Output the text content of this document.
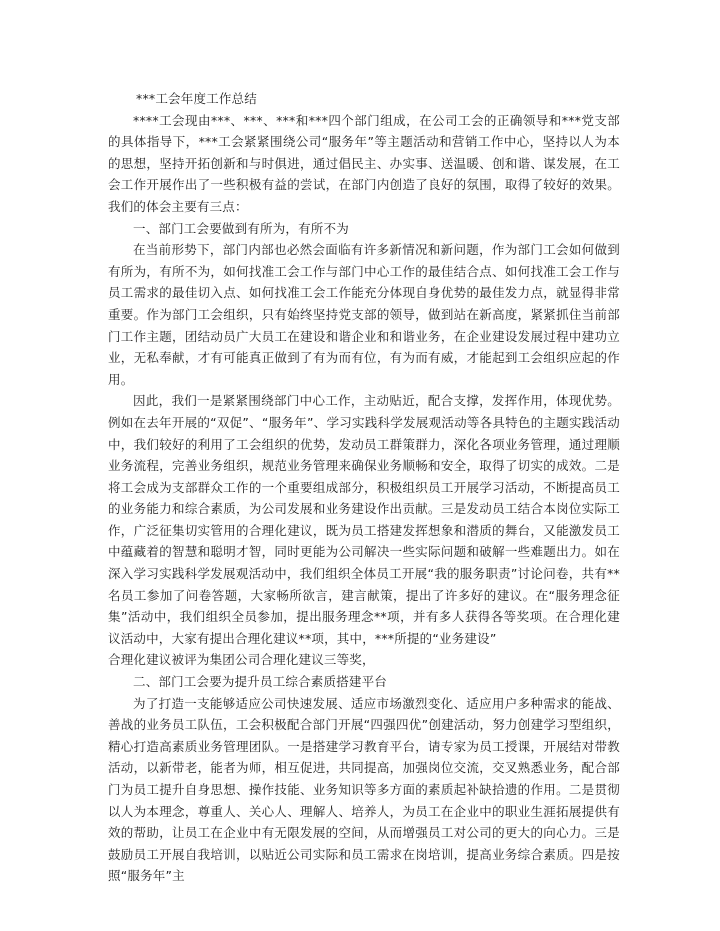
***工会年度工作总结

****工会现由***、***、***和***四个部门组成，在公司工会的正确领导和***党支部的具体指导下，***工会紧紧围绕公司“服务年”等主题活动和营销工作中心，坚持以人为本的思想，坚持开拓创新和与时俱进，通过倡民主、办实事、送温暖、创和谐、谋发展，在工会工作开展作出了一些积极有益的尝试，在部门内创造了良好的氛围，取得了较好的效果。我们的体会主要有三点：

一、部门工会要做到有所为，有所不为

在当前形势下，部门内部也必然会面临有许多新情况和新问题，作为部门工会如何做到有所为，有所不为，如何找准工会工作与部门中心工作的最佳结合点、如何找准工会工作与员工需求的最佳切入点、如何找准工会工作能充分体现自身优势的最佳发力点，就显得非常重要。作为部门工会组织，只有始终坚持党支部的领导，做到站在新高度，紧紧抓住当前部门工作主题，团结动员广大员工在建设和谐企业和和谐业务，在企业建设发展过程中建功立业，无私奉献，才有可能真正做到了有为而有位，有为而有威，才能起到工会组织应起的作用。

因此，我们一是紧紧围绕部门中心工作，主动贴近，配合支撑，发挥作用，体现优势。例如在去年开展的“双促”、“服务年”、学习实践科学发展观活动等各具特色的主题实践活动中，我们较好的利用了工会组织的优势，发动员工群策群力，深化各项业务管理，通过理顺业务流程，完善业务组织，规范业务管理来确保业务顺畅和安全，取得了切实的成效。二是将工会成为支部群众工作的一个重要组成部分，积极组织员工开展学习活动，不断提高员工的业务能力和综合素质，为公司发展和业务建设作出贡献。三是发动员工结合本岗位实际工作，广泛征集切实管用的合理化建议，既为员工搭建发挥想象和潜质的舞台，又能激发员工中蕴藏着的智慧和聪明才智，同时更能为公司解决一些实际问题和破解一些难题出力。如在深入学习实践科学发展观活动中，我们组织全体员工开展“我的服务职责”讨论问卷，共有**名员工参加了问卷答题，大家畅所欲言，建言献策，提出了许多好的建议。在“服务理念征集”活动中，我们组织全员参加，提出服务理念**项，并有多人获得各等奖项。在合理化建议活动中，大家有提出合理化建议**项，其中，***所提的“业务建设”

合理化建议被评为集团公司合理化建议三等奖，

二、部门工会要为提升员工综合素质搭建平台

为了打造一支能够适应公司快速发展、适应市场激烈变化、适应用户多种需求的能战、善战的业务员工队伍，工会积极配合部门开展“四强四优”创建活动，努力创建学习型组织，精心打造高素质业务管理团队。一是搭建学习教育平台，请专家为员工授课，开展结对带教活动，以新带老，能者为师，相互促进，共同提高，加强岗位交流，交叉熟悉业务，配合部门为员工提升自身思想、操作技能、业务知识等多方面的素质起补缺拾遗的作用。二是贯彻以人为本理念，尊重人、关心人、理解人、培养人，为员工在企业中的职业生涯拓展提供有效的帮助，让员工在企业中有无限发展的空间，从而增强员工对公司的更大的向心力。三是鼓励员工开展自我培训，以贴近公司实际和员工需求在岗培训，提高业务综合素质。四是按照“服务年”主
